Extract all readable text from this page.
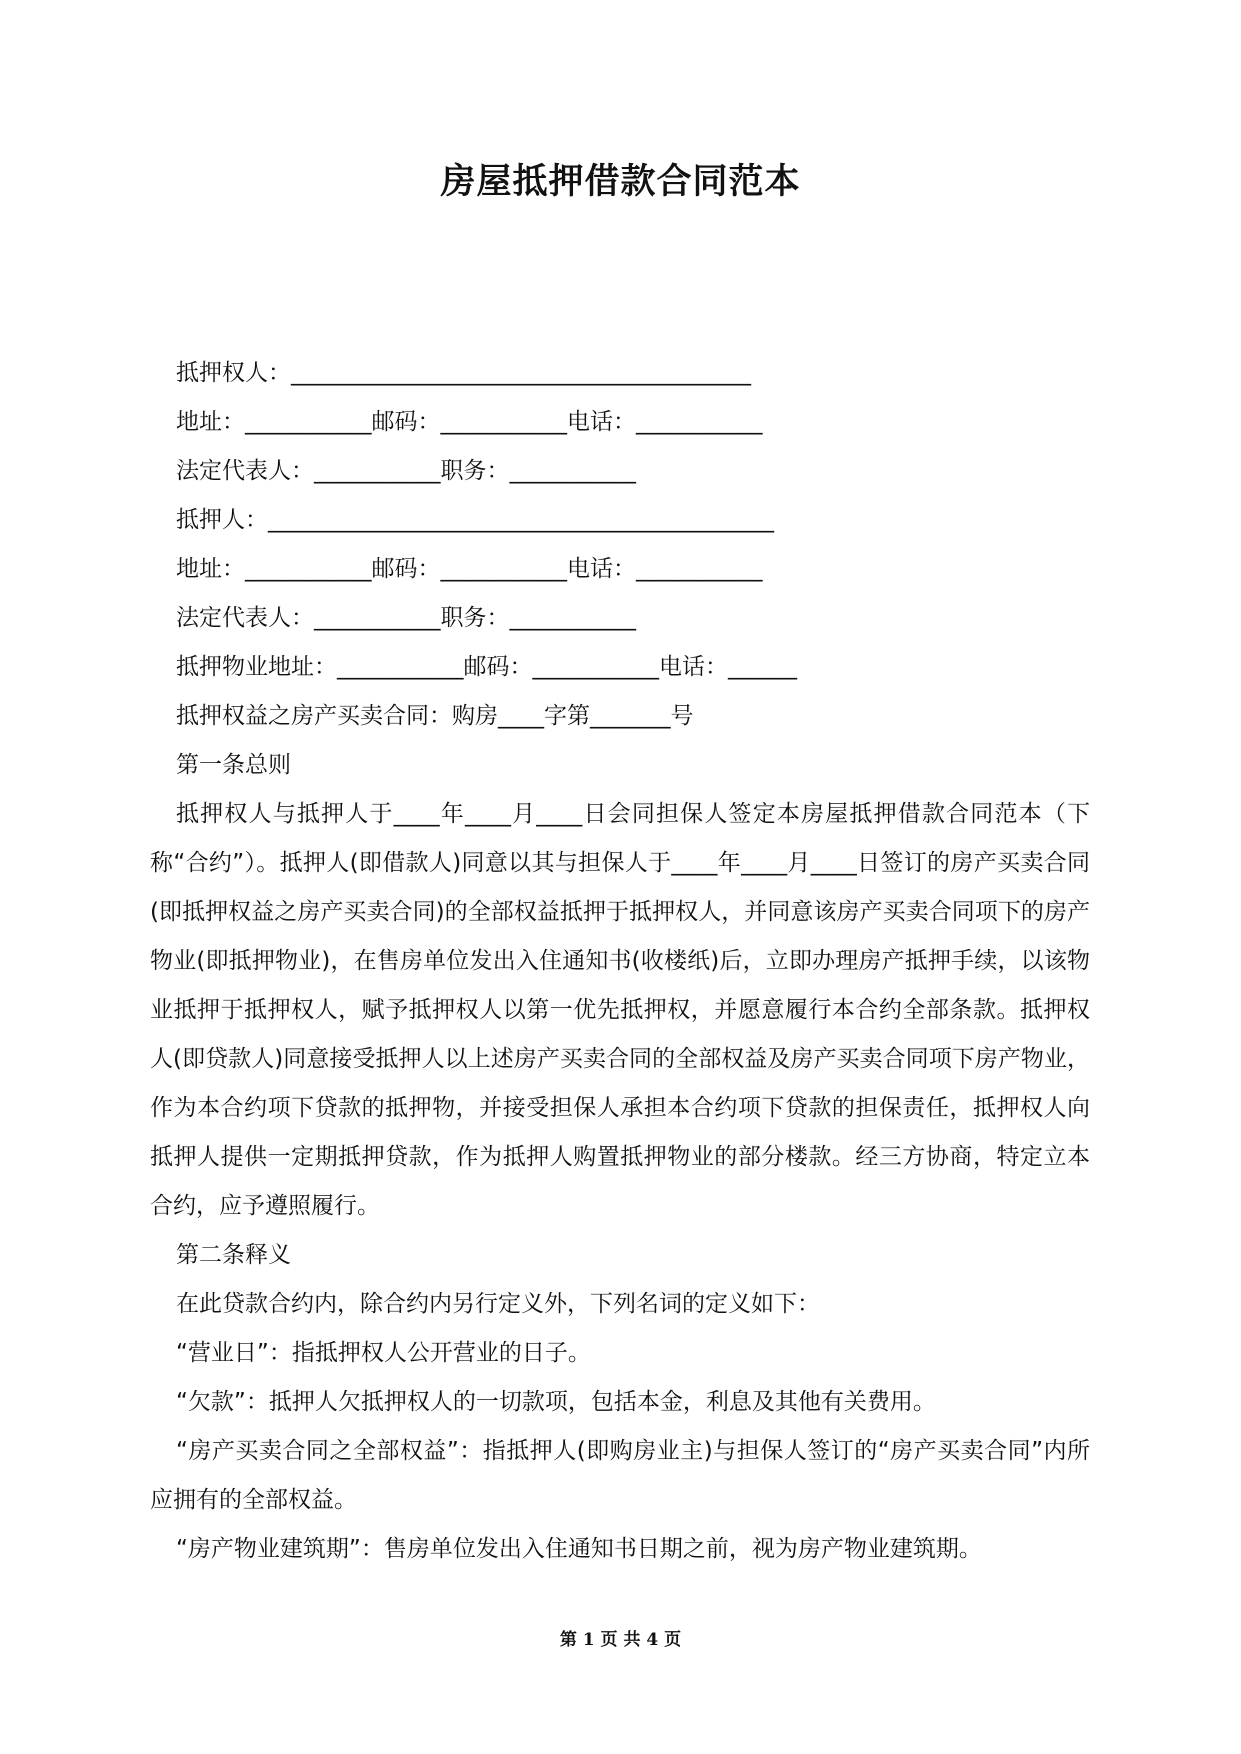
房屋抵押借款合同范本

抵押权人：________________________________________

地址：___________邮码：___________电话：___________

法定代表人：___________职务：___________

抵押人：____________________________________________

地址：___________邮码：___________电话：___________

法定代表人：___________职务：___________

抵押物业地址：___________邮码：___________电话：______

抵押权益之房产买卖合同：购房____字第_______号

第一条总则

抵押权人与抵押人于____年____月____日会同担保人签定本房屋抵押借款合同范本（下称“合约”）。抵押人(即借款人)同意以其与担保人于____年____月____日签订的房产买卖合同(即抵押权益之房产买卖合同)的全部权益抵押于抵押权人，并同意该房产买卖合同项下的房产物业(即抵押物业)，在售房单位发出入住通知书(收楼纸)后，立即办理房产抵押手续，以该物业抵押于抵押权人，赋予抵押权人以第一优先抵押权，并愿意履行本合约全部条款。抵押权人(即贷款人)同意接受抵押人以上述房产买卖合同的全部权益及房产买卖合同项下房产物业，作为本合约项下贷款的抵押物，并接受担保人承担本合约项下贷款的担保责任，抵押权人向抵押人提供一定期抵押贷款，作为抵押人购置抵押物业的部分楼款。经三方协商，特定立本合约，应予遵照履行。

第二条释义

在此贷款合约内，除合约内另行定义外，下列名词的定义如下：

“营业日”：指抵押权人公开营业的日子。

“欠款”：抵押人欠抵押权人的一切款项，包括本金，利息及其他有关费用。

“房产买卖合同之全部权益”：指抵押人(即购房业主)与担保人签订的“房产买卖合同”内所应拥有的全部权益。

“房产物业建筑期”：售房单位发出入住通知书日期之前，视为房产物业建筑期。

第 1 页 共 4 页
